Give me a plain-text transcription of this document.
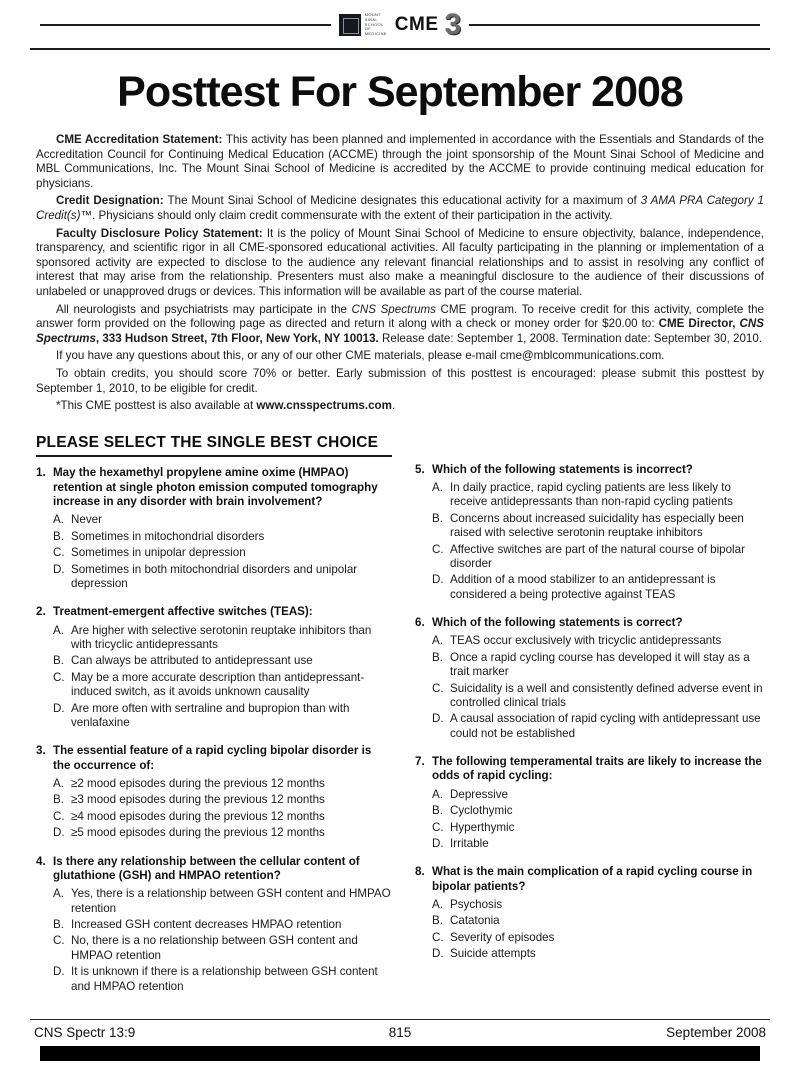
MOUNT SINAI SCHOOL OF MEDICINE CME 3
Posttest For September 2008

CME Accreditation Statement: This activity has been planned and implemented in accordance with the Essentials and Standards of the Accreditation Council for Continuing Medical Education (ACCME) through the joint sponsorship of the Mount Sinai School of Medicine and MBL Communications, Inc. The Mount Sinai School of Medicine is accredited by the ACCME to provide continuing medical education for physicians.

Credit Designation: The Mount Sinai School of Medicine designates this educational activity for a maximum of 3 AMA PRA Category 1 Credit(s)™. Physicians should only claim credit commensurate with the extent of their participation in the activity.

Faculty Disclosure Policy Statement: It is the policy of Mount Sinai School of Medicine to ensure objectivity, balance, independence, transparency, and scientific rigor in all CME-sponsored educational activities. All faculty participating in the planning or implementation of a sponsored activity are expected to disclose to the audience any relevant financial relationships and to assist in resolving any conflict of interest that may arise from the relationship. Presenters must also make a meaningful disclosure to the audience of their discussions of unlabeled or unapproved drugs or devices. This information will be available as part of the course material.

All neurologists and psychiatrists may participate in the CNS Spectrums CME program. To receive credit for this activity, complete the answer form provided on the following page as directed and return it along with a check or money order for $20.00 to: CME Director, CNS Spectrums, 333 Hudson Street, 7th Floor, New York, NY 10013. Release date: September 1, 2008. Termination date: September 30, 2010.

If you have any questions about this, or any of our other CME materials, please e-mail cme@mblcommunications.com.

To obtain credits, you should score 70% or better. Early submission of this posttest is encouraged: please submit this posttest by September 1, 2010, to be eligible for credit.

*This CME posttest is also available at www.cnsspectrums.com.

PLEASE SELECT THE SINGLE BEST CHOICE
1. May the hexamethyl propylene amine oxime (HMPAO) retention at single photon emission computed tomography increase in any disorder with brain involvement?
A. Never
B. Sometimes in mitochondrial disorders
C. Sometimes in unipolar depression
D. Sometimes in both mitochondrial disorders and unipolar depression
2. Treatment-emergent affective switches (TEAS):
A. Are higher with selective serotonin reuptake inhibitors than with tricyclic antidepressants
B. Can always be attributed to antidepressant use
C. May be a more accurate description than antidepressant-induced switch, as it avoids unknown causality
D. Are more often with sertraline and bupropion than with venlafaxine
3. The essential feature of a rapid cycling bipolar disorder is the occurrence of:
A. ≥2 mood episodes during the previous 12 months
B. ≥3 mood episodes during the previous 12 months
C. ≥4 mood episodes during the previous 12 months
D. ≥5 mood episodes during the previous 12 months
4. Is there any relationship between the cellular content of glutathione (GSH) and HMPAO retention?
A. Yes, there is a relationship between GSH content and HMPAO retention
B. Increased GSH content decreases HMPAO retention
C. No, there is a no relationship between GSH content and HMPAO retention
D. It is unknown if there is a relationship between GSH content and HMPAO retention
5. Which of the following statements is incorrect?
A. In daily practice, rapid cycling patients are less likely to receive antidepressants than non-rapid cycling patients
B. Concerns about increased suicidality has especially been raised with selective serotonin reuptake inhibitors
C. Affective switches are part of the natural course of bipolar disorder
D. Addition of a mood stabilizer to an antidepressant is considered a being protective against TEAS
6. Which of the following statements is correct?
A. TEAS occur exclusively with tricyclic antidepressants
B. Once a rapid cycling course has developed it will stay as a trait marker
C. Suicidality is a well and consistently defined adverse event in controlled clinical trials
D. A causal association of rapid cycling with antidepressant use could not be established
7. The following temperamental traits are likely to increase the odds of rapid cycling:
A. Depressive
B. Cyclothymic
C. Hyperthymic
D. Irritable
8. What is the main complication of a rapid cycling course in bipolar patients?
A. Psychosis
B. Catatonia
C. Severity of episodes
D. Suicide attempts
CNS Spectr 13:9	815	September 2008
